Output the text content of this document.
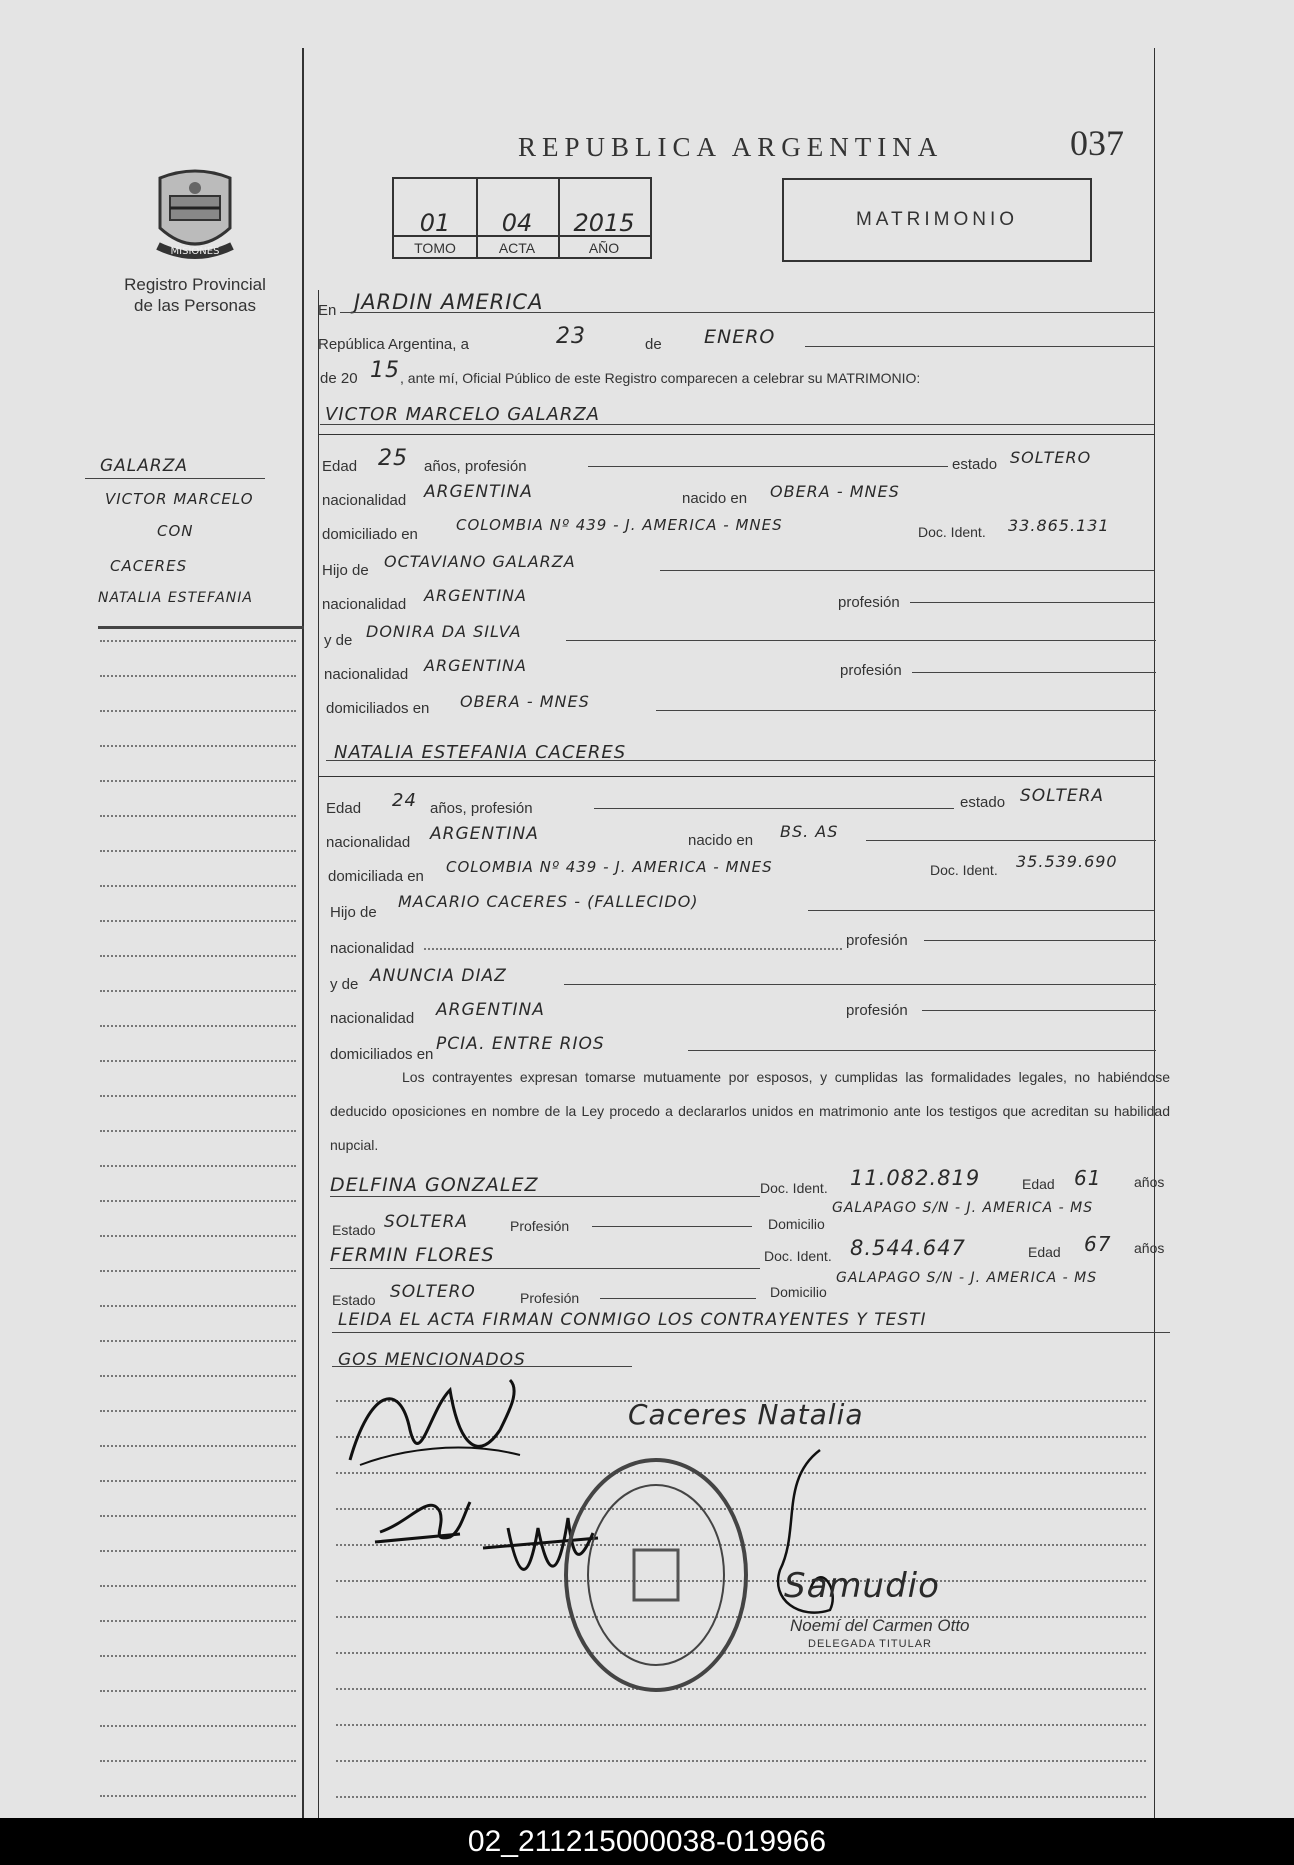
REPUBLICA ARGENTINA	037
01
TOMO
04
ACTA
2015
AÑO
MATRIMONIO
MISIONES
Registro Provincial
de las Personas
GALARZA
VICTOR MARCELO
CON
CACERES
NATALIA ESTEFANIA
En JARDIN AMERICA
República Argentina, a	23	de ENERO
de 20 15 , ante mí, Oficial Público de este Registro comparecen a celebrar su MATRIMONIO:
VICTOR MARCELO GALARZA
Edad 25 años, profesión	estado SOLTERO
nacionalidad ARGENTINA	nacido en OBERA - MNES
domiciliado en
COLOMBIA Nº 439 - J. AMERICA - MNES	Doc. Ident. 33.865.131
Hijo de OCTAVIANO GALARZA
nacionalidad ARGENTINA	profesión
y de DONIRA DA SILVA
nacionalidad ARGENTINA	profesión
domiciliados en OBERA - MNES
NATALIA ESTEFANIA CACERES
Edad 24 años, profesión	estado SOLTERA
nacionalidad ARGENTINA	nacido en BS. AS
domiciliada en
COLOMBIA Nº 439 - J. AMERICA - MNES	Doc. Ident. 35.539.690
Hijo de
MACARIO CACERES - (FALLECIDO)
nacionalidad	profesión
y de ANUNCIA DIAZ
nacionalidad ARGENTINA	profesión
domiciliados en
PCIA. ENTRE RIOS
Los contrayentes expresan tomarse mutuamente por esposos, y cumplidas las formalidades legales, no habiéndose deducido oposiciones en nombre de la Ley procedo a declararlos unidos en matrimonio ante los testigos que acreditan su habilidad nupcial.
DELFINA GONZALEZ	Doc. Ident. 11.082.819	Edad 61 años
Estado SOLTERA	Profesión	Domicilio
GALAPAGO S/N - J. AMERICA - MS
FERMIN FLORES	Doc. Ident. 8.544.647	Edad 67 años
Estado SOLTERO	Profesión	Domicilio
GALAPAGO S/N - J. AMERICA - MS
LEIDA EL ACTA FIRMAN CONMIGO LOS CONTRAYENTES Y TESTI
GOS MENCIONADOS
Caceres Natalia
Samudio
Noemí del Carmen Otto
DELEGADA TITULAR
02_211215000038-019966
